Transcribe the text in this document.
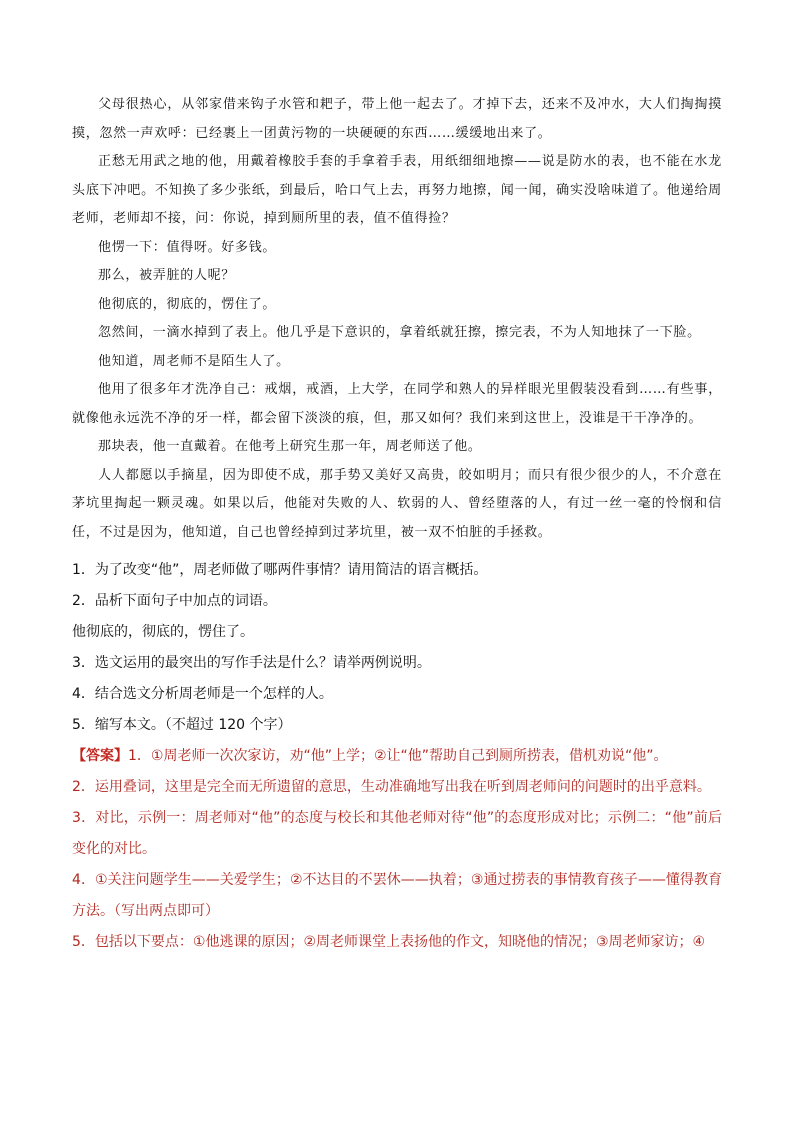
父母很热心，从邻家借来钩子水管和耙子，带上他一起去了。才掉下去，还来不及冲水，大人们掏掏摸摸，忽然一声欢呼：已经裹上一团黄污物的一块硬硬的东西……缓缓地出来了。

正愁无用武之地的他，用戴着橡胶手套的手拿着手表，用纸细细地擦——说是防水的表，也不能在水龙头底下冲吧。不知换了多少张纸，到最后，哈口气上去，再努力地擦，闻一闻，确实没啥味道了。他递给周老师，老师却不接，问：你说，掉到厕所里的表，值不值得捡？

他愣一下：值得呀。好多钱。

那么，被弄脏的人呢？

他彻底的，彻底的，愣住了。

忽然间，一滴水掉到了表上。他几乎是下意识的，拿着纸就狂擦，擦完表，不为人知地抹了一下脸。

他知道，周老师不是陌生人了。

他用了很多年才洗净自己：戒烟，戒酒，上大学，在同学和熟人的异样眼光里假装没看到……有些事，就像他永远洗不净的牙一样，都会留下淡淡的痕，但，那又如何？我们来到这世上，没谁是干干净净的。

那块表，他一直戴着。在他考上研究生那一年，周老师送了他。

人人都愿以手摘星，因为即使不成，那手势又美好又高贵，皎如明月；而只有很少很少的人，不介意在茅坑里掏起一颗灵魂。如果以后，他能对失败的人、软弱的人、曾经堕落的人，有过一丝一毫的怜悯和信任，不过是因为，他知道，自己也曾经掉到过茅坑里，被一双不怕脏的手拯救。

1．为了改变“他”，周老师做了哪两件事情？请用简洁的语言概括。

2．品析下面句子中加点的词语。

他彻底的，彻底的，愣住了。

3．选文运用的最突出的写作手法是什么？请举两例说明。

4．结合选文分析周老师是一个怎样的人。

5．缩写本文。（不超过 120 个字）

【答案】1．①周老师一次次家访，劝“他”上学；②让“他”帮助自己到厕所捞表，借机劝说“他”。

2．运用叠词，这里是完全而无所遗留的意思，生动准确地写出我在听到周老师问的问题时的出乎意料。

3．对比，示例一：周老师对“他”的态度与校长和其他老师对待“他”的态度形成对比；示例二：“他”前后变化的对比。

4．①关注问题学生——关爱学生；②不达目的不罢休——执着；③通过捞表的事情教育孩子——懂得教育方法。（写出两点即可）

5．包括以下要点：①他逃课的原因；②周老师课堂上表扬他的作文，知晓他的情况；③周老师家访；④
